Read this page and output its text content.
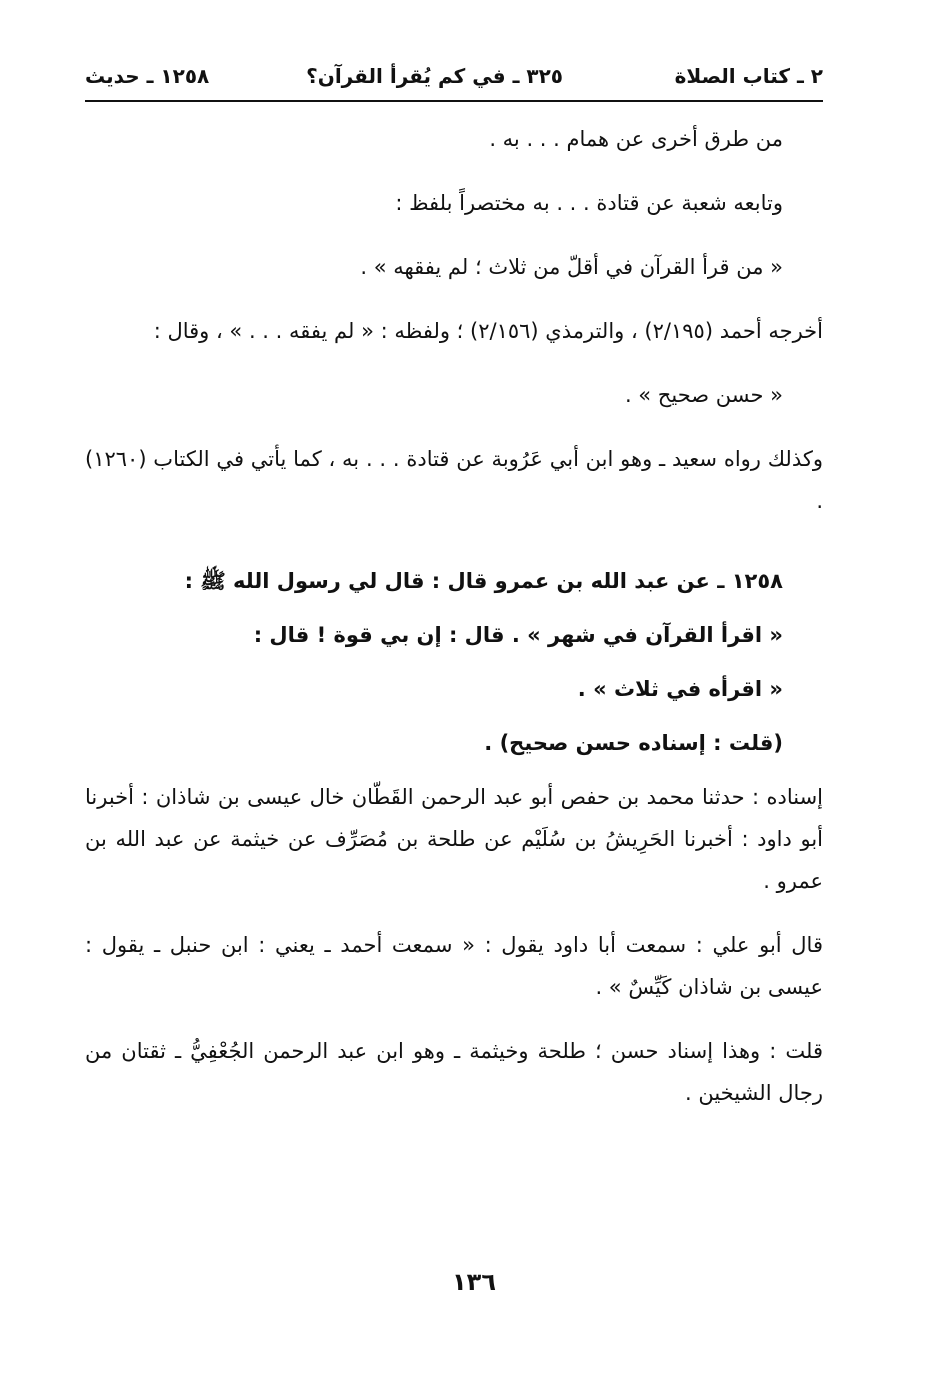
٢ ـ كتاب الصلاة
٣٢٥ ـ في كم يُقرأ القرآن؟
١٢٥٨ ـ حديث

من طرق أخرى عن همام . . . به .

وتابعه شعبة عن قتادة . . . به مختصراً بلفظ :

« من قرأ القرآن في أقلّ من ثلاث ؛ لم يفقهه » .

أخرجه أحمد (٢/١٩٥) ، والترمذي (٢/١٥٦) ؛ ولفظه : « لم يفقه . . . » ، وقال :

« حسن صحيح » .

وكذلك رواه سعيد ـ وهو ابن أبي عَرُوبة عن قتادة . . . به ، كما يأتي في الكتاب (١٢٦٠) .

١٢٥٨ ـ عن عبد الله بن عمرو قال : قال لي رسول الله ﷺ :

« اقرأ القرآن في شهر » . قال : إن بي قوة ! قال :

« اقرأه في ثلاث » .

(قلت : إسناده حسن صحيح) .

إسناده : حدثنا محمد بن حفص أبو عبد الرحمن القَطّان خال عيسى بن شاذان : أخبرنا أبو داود : أخبرنا الحَرِيشُ بن سُلَيْم عن طلحة بن مُصَرِّف عن خيثمة عن عبد الله بن عمرو .

قال أبو علي : سمعت أبا داود يقول : « سمعت أحمد ـ يعني : ابن حنبل ـ يقول : عيسى بن شاذان كَيِّسٌ » .

قلت : وهذا إسناد حسن ؛ طلحة وخيثمة ـ وهو ابن عبد الرحمن الجُعْفِيُّ ـ ثقتان من رجال الشيخين .

١٣٦
